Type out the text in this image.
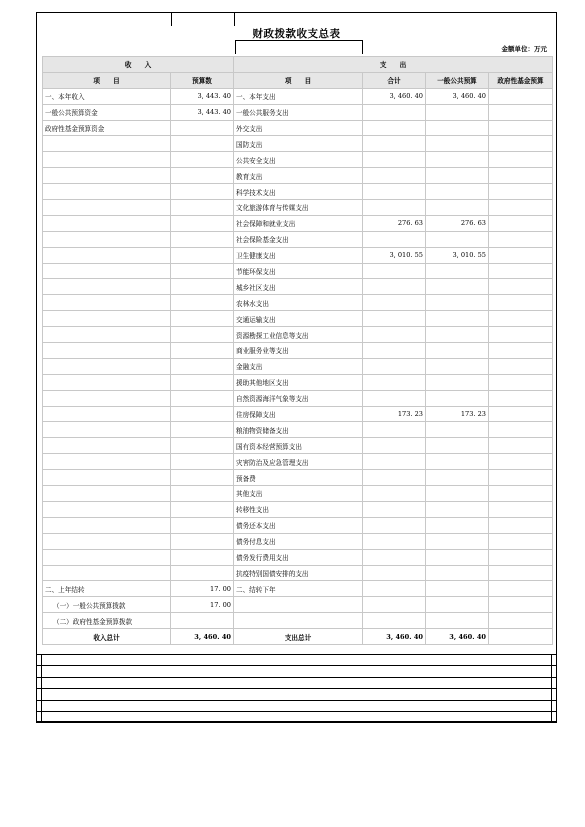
财政拨款收支总表
金额单位：万元
收　　入		支　　出			
项　　目	预算数	项　　目	合计	一般公共预算	政府性基金预算
一、本年收入	3, 443. 40	一、本年支出	3, 460. 40	3, 460. 40	
一般公共预算资金	3, 443. 40	一般公共服务支出			
政府性基金预算资金		外交支出			
		国防支出			
		公共安全支出			
		教育支出			
		科学技术支出			
		文化旅游体育与传媒支出			
		社会保障和就业支出	276. 63	276. 63	
		社会保险基金支出			
		卫生健康支出	3, 010. 55	3, 010. 55	
		节能环保支出			
		城乡社区支出			
		农林水支出			
		交通运输支出			
		资源勘探工业信息等支出			
		商业服务业等支出			
		金融支出			
		援助其他地区支出			
		自然资源海洋气象等支出			
		住房保障支出	173. 23	173. 23	
		粮油物资储备支出			
		国有资本经营预算支出			
		灾害防治及应急管理支出			
		预备费			
		其他支出			
		转移性支出			
		债务还本支出			
		债务付息支出			
		债务发行费用支出			
		抗疫特别国债安排的支出			
二、上年结转	17. 00	二、结转下年			
（一）一般公共预算拨款	17. 00				
（二）政府性基金预算拨款					
收入总计	3, 460. 40	支出总计	3, 460. 40	3, 460. 40	
